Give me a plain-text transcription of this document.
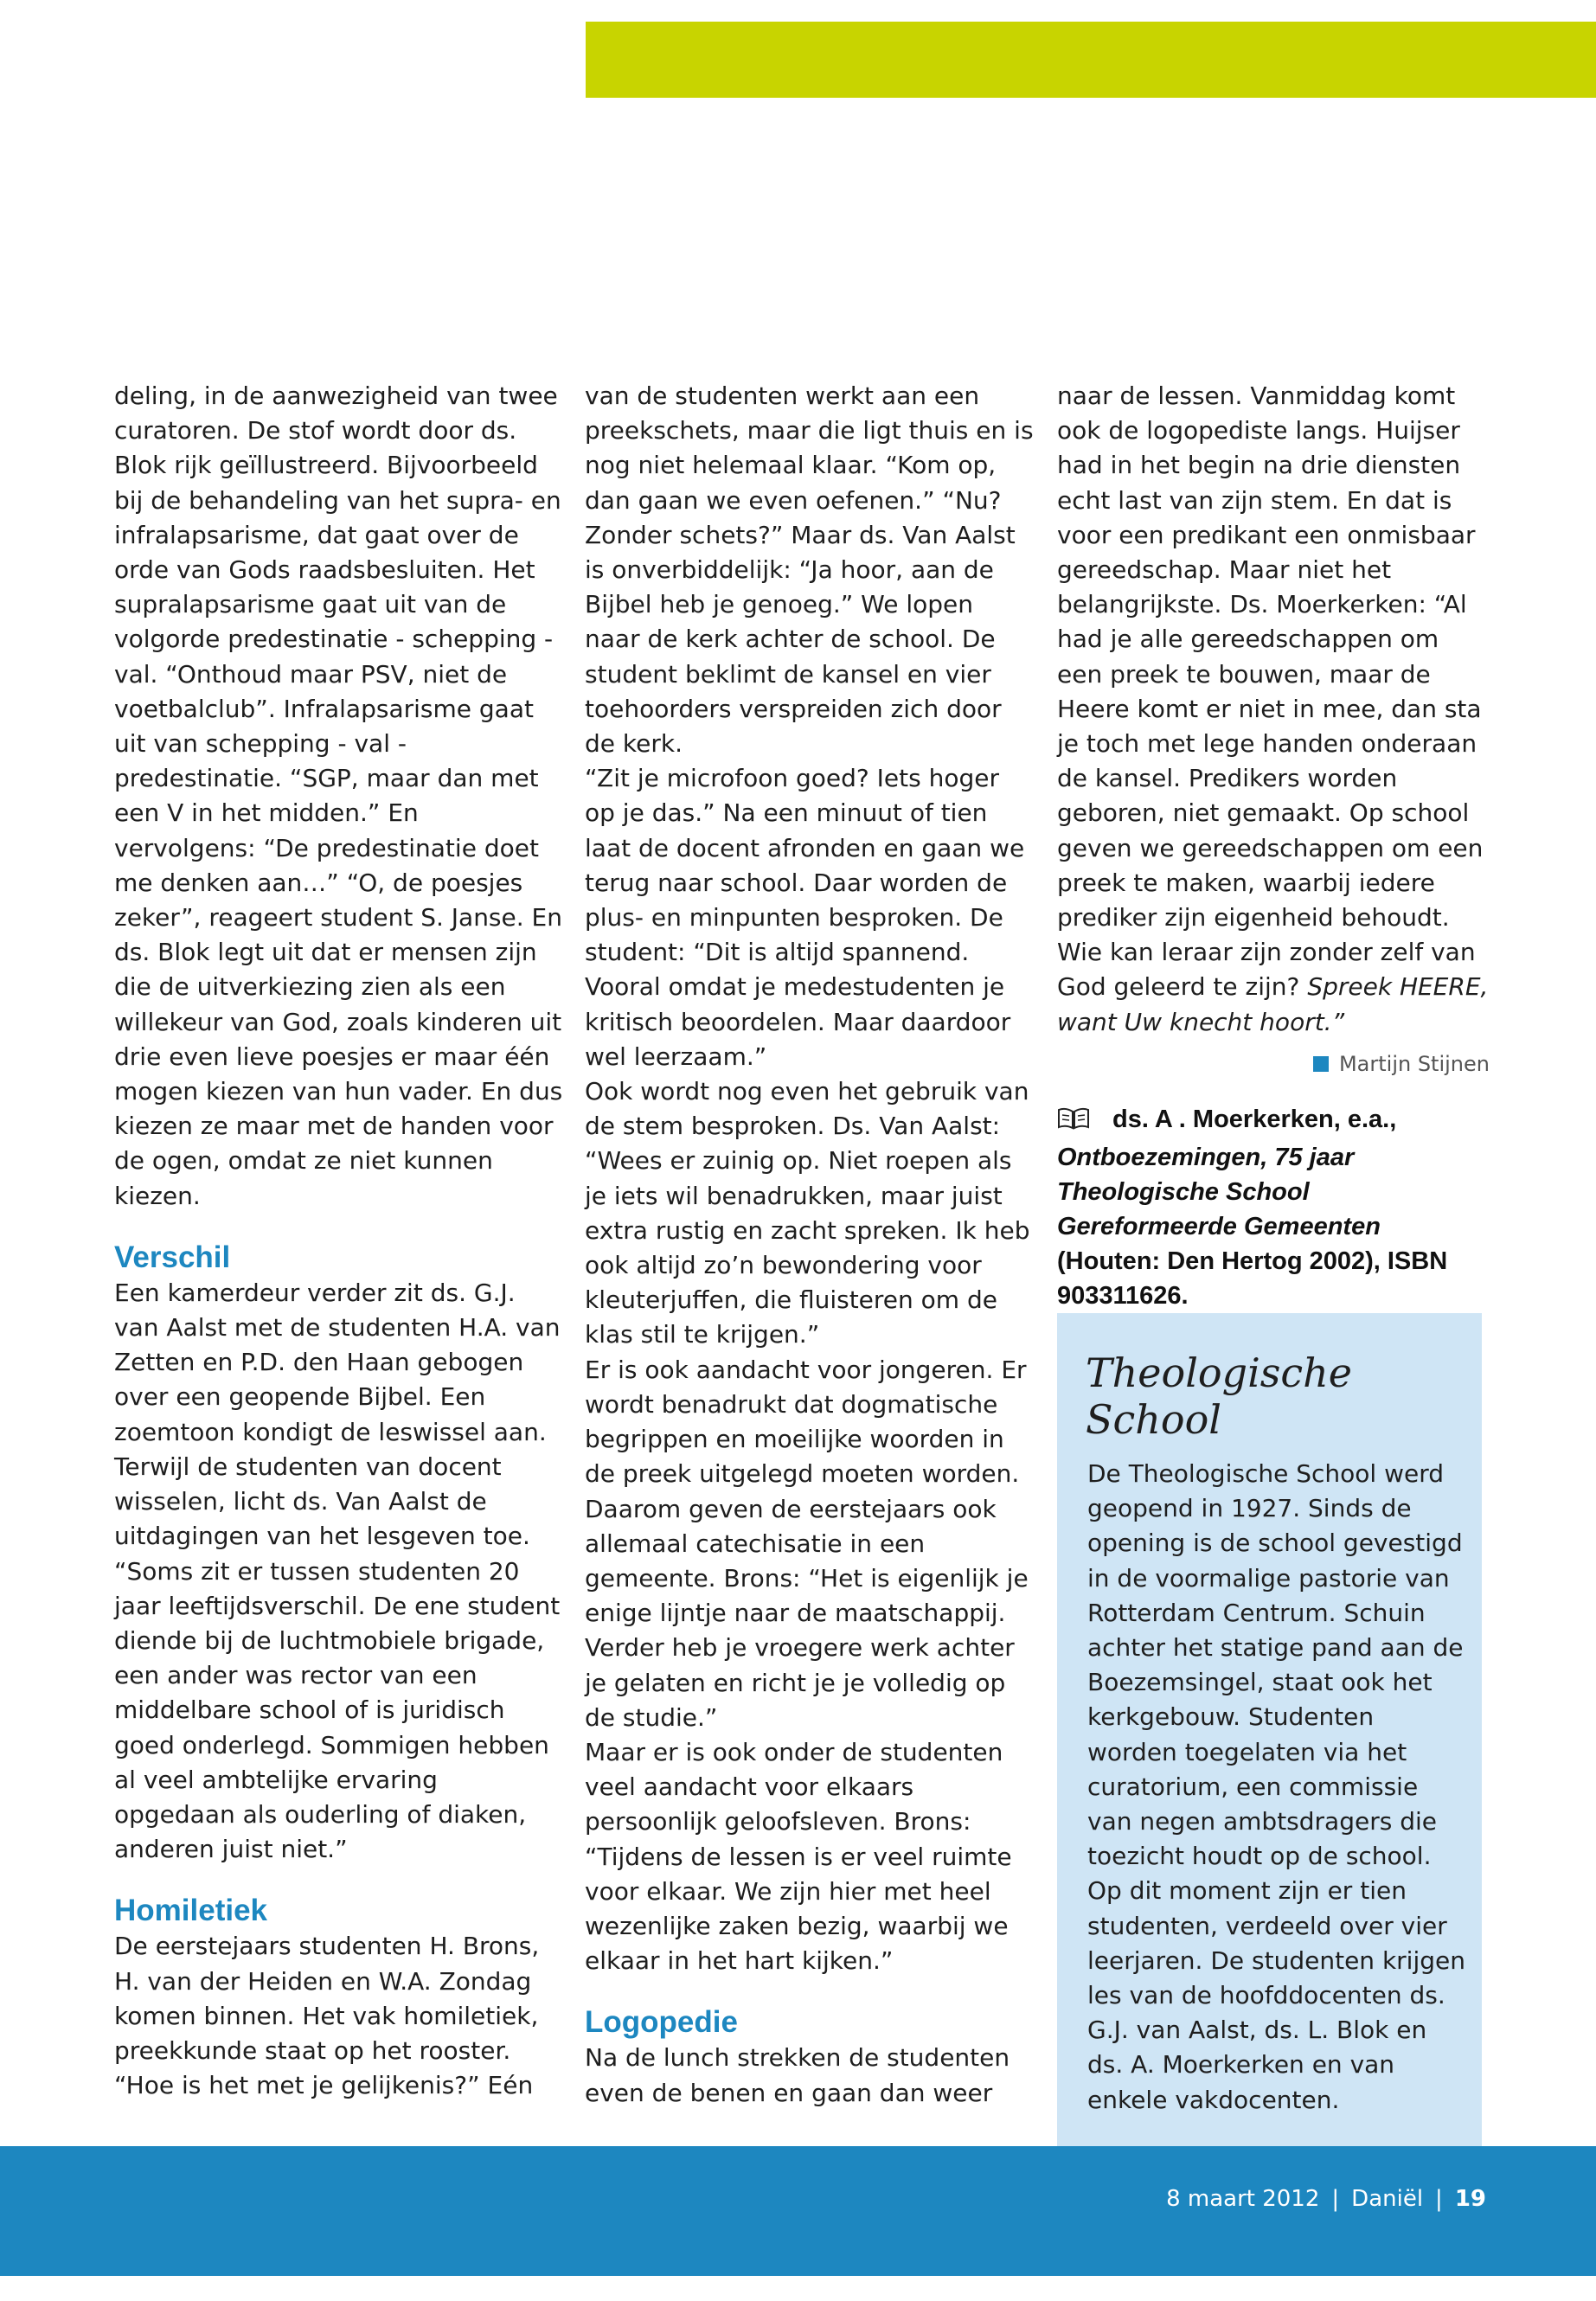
deling, in de aanwezigheid van twee curatoren. De stof wordt door ds. Blok rijk geïllustreerd. Bijvoorbeeld bij de behandeling van het supra- en infralapsarisme, dat gaat over de orde van Gods raadsbesluiten. Het supralapsarisme gaat uit van de volgorde predestinatie - schepping - val. “Onthoud maar PSV, niet de voetbalclub”. Infralapsarisme gaat uit van schepping - val - predestinatie. “SGP, maar dan met een V in het midden.” En vervolgens: “De predestinatie doet me denken aan…” “O, de poesjes zeker”, reageert student S. Janse. En ds. Blok legt uit dat er mensen zijn die de uitverkiezing zien als een willekeur van God, zoals kinderen uit drie even lieve poesjes er maar één mogen kiezen van hun vader. En dus kiezen ze maar met de handen voor de ogen, omdat ze niet kunnen kiezen.

Verschil

Een kamerdeur verder zit ds. G.J. van Aalst met de studenten H.A. van Zetten en P.D. den Haan gebogen over een geopende Bijbel. Een zoemtoon kondigt de leswissel aan. Terwijl de studenten van docent wisselen, licht ds. Van Aalst de uitdagingen van het lesgeven toe. “Soms zit er tussen studenten 20 jaar leeftijdsverschil. De ene student diende bij de luchtmobiele brigade, een ander was rector van een middelbare school of is juridisch goed onderlegd. Sommigen hebben al veel ambtelijke ervaring opgedaan als ouderling of diaken, anderen juist niet.”

Homiletiek

De eerstejaars studenten H. Brons, H. van der Heiden en W.A. Zondag komen binnen. Het vak homiletiek, preekkunde staat op het rooster. “Hoe is het met je gelijkenis?” Eén

van de studenten werkt aan een preekschets, maar die ligt thuis en is nog niet helemaal klaar. “Kom op, dan gaan we even oefenen.” “Nu? Zonder schets?” Maar ds. Van Aalst is onverbiddelijk: “Ja hoor, aan de Bijbel heb je genoeg.” We lopen naar de kerk achter de school. De student beklimt de kansel en vier toehoorders verspreiden zich door de kerk.

“Zit je microfoon goed? Iets hoger op je das.” Na een minuut of tien laat de docent afronden en gaan we terug naar school. Daar worden de plus- en minpunten besproken. De student: “Dit is altijd spannend. Vooral omdat je medestudenten je kritisch beoordelen. Maar daardoor wel leerzaam.”

Ook wordt nog even het gebruik van de stem besproken. Ds. Van Aalst: “Wees er zuinig op. Niet roepen als je iets wil benadrukken, maar juist extra rustig en zacht spreken. Ik heb ook altijd zo’n bewondering voor kleuterjuffen, die fluisteren om de klas stil te krijgen.”

Er is ook aandacht voor jongeren. Er wordt benadrukt dat dogmatische begrippen en moeilijke woorden in de preek uitgelegd moeten worden. Daarom geven de eerstejaars ook allemaal catechisatie in een gemeente. Brons: “Het is eigenlijk je enige lijntje naar de maatschappij. Verder heb je vroegere werk achter je gelaten en richt je je volledig op de studie.”

Maar er is ook onder de studenten veel aandacht voor elkaars persoonlijk geloofsleven. Brons: “Tijdens de lessen is er veel ruimte voor elkaar. We zijn hier met heel wezenlijke zaken bezig, waarbij we elkaar in het hart kijken.”

Logopedie

Na de lunch strekken de studenten even de benen en gaan dan weer

naar de lessen. Vanmiddag komt ook de logopediste langs. Huijser had in het begin na drie diensten echt last van zijn stem. En dat is voor een predikant een onmisbaar gereedschap. Maar niet het belangrijkste. Ds. Moerkerken: “Al had je alle gereedschappen om een preek te bouwen, maar de Heere komt er niet in mee, dan sta je toch met lege handen onderaan de kansel. Predikers worden geboren, niet gemaakt. Op school geven we gereedschappen om een preek te maken, waarbij iedere prediker zijn eigenheid behoudt. Wie kan leraar zijn zonder zelf van God geleerd te zijn? Spreek HEERE, want Uw knecht hoort.”

Martijn Stijnen

ds. A . Moerkerken, e.a., Ontboezemingen, 75 jaar Theologische School Gereformeerde Gemeenten (Houten: Den Hertog 2002), ISBN 903311626.

Theologische School

De Theologische School werd geopend in 1927. Sinds de opening is de school gevestigd in de voormalige pastorie van Rotterdam Centrum. Schuin achter het statige pand aan de Boezemsingel, staat ook het kerkgebouw. Studenten worden toegelaten via het curatorium, een commissie van negen ambtsdragers die toezicht houdt op de school. Op dit moment zijn er tien studenten, verdeeld over vier leerjaren. De studenten krijgen les van de hoofddocenten ds. G.J. van Aalst, ds. L. Blok en ds. A. Moerkerken en van enkele vakdocenten.

8 maart 2012 | Daniël | 19
